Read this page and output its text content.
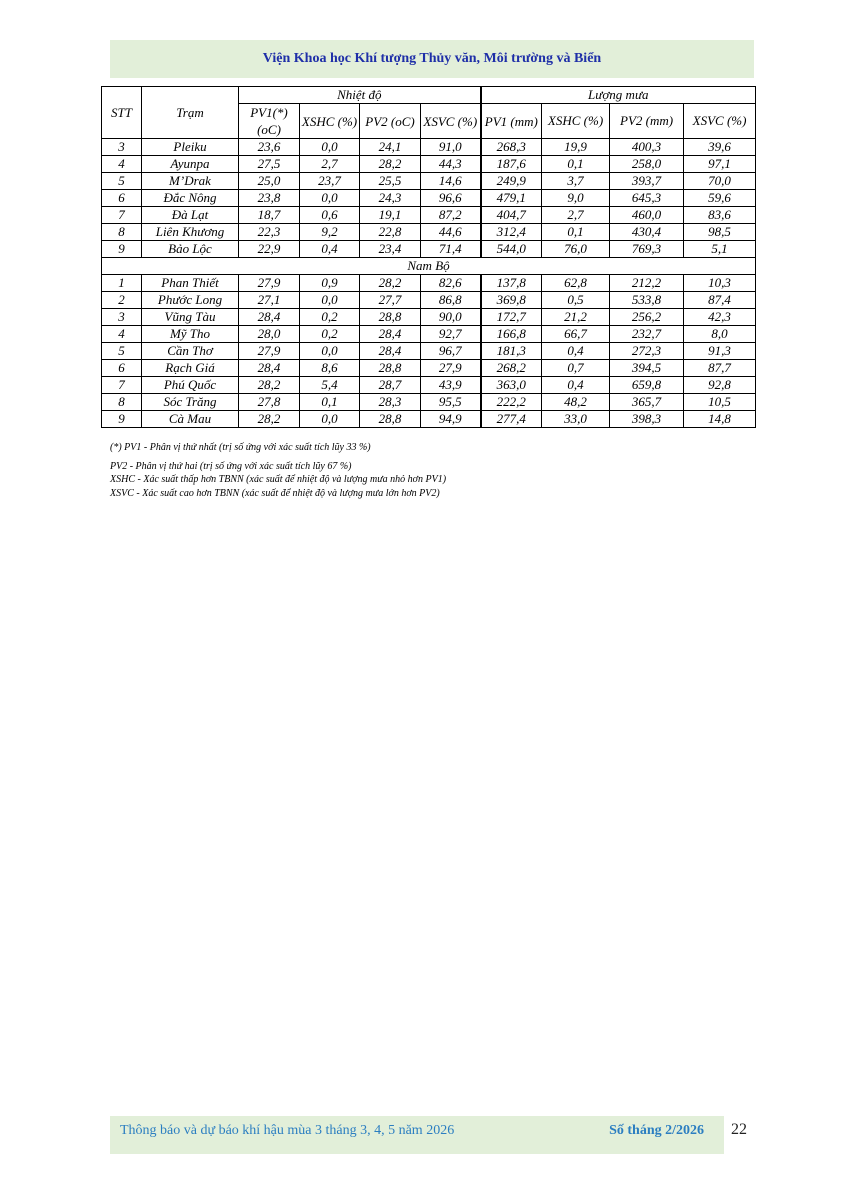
Viện Khoa học Khí tượng Thủy văn, Môi trường và Biển
STT	Trạm	Nhiệt độ				Lượng mưa			
		PV1(*) (oC)	XSHC (%)	PV2 (oC)	XSVC (%)	PV1 (mm)	XSHC (%)	PV2 (mm)	XSVC (%)
3	Pleiku	23,6	0,0	24,1	91,0	268,3	19,9	400,3	39,6
4	Ayunpa	27,5	2,7	28,2	44,3	187,6	0,1	258,0	97,1
5	M’Drak	25,0	23,7	25,5	14,6	249,9	3,7	393,7	70,0
6	Đắc Nông	23,8	0,0	24,3	96,6	479,1	9,0	645,3	59,6
7	Đà Lạt	18,7	0,6	19,1	87,2	404,7	2,7	460,0	83,6
8	Liên Khương	22,3	9,2	22,8	44,6	312,4	0,1	430,4	98,5
9	Bảo Lộc	22,9	0,4	23,4	71,4	544,0	76,0	769,3	5,1
Nam Bộ									
1	Phan Thiết	27,9	0,9	28,2	82,6	137,8	62,8	212,2	10,3
2	Phước Long	27,1	0,0	27,7	86,8	369,8	0,5	533,8	87,4
3	Vũng Tàu	28,4	0,2	28,8	90,0	172,7	21,2	256,2	42,3
4	Mỹ Tho	28,0	0,2	28,4	92,7	166,8	66,7	232,7	8,0
5	Cần Thơ	27,9	0,0	28,4	96,7	181,3	0,4	272,3	91,3
6	Rạch Giá	28,4	8,6	28,8	27,9	268,2	0,7	394,5	87,7
7	Phú Quốc	28,2	5,4	28,7	43,9	363,0	0,4	659,8	92,8
8	Sóc Trăng	27,8	0,1	28,3	95,5	222,2	48,2	365,7	10,5
9	Cà Mau	28,2	0,0	28,8	94,9	277,4	33,0	398,3	14,8
(*) PV1 - Phân vị thứ nhất (trị số ứng với xác suất tích lũy 33 %)
PV2 - Phân vị thứ hai (trị số ứng với xác suất tích lũy 67 %)
XSHC - Xác suất thấp hơn TBNN (xác suất để nhiệt độ và lượng mưa nhỏ hơn PV1)
XSVC - Xác suất cao hơn TBNN (xác suất để nhiệt độ và lượng mưa lớn hơn PV2)
Thông báo và dự báo khí hậu mùa 3 tháng 3, 4, 5 năm 2026	Số tháng 2/2026 22
